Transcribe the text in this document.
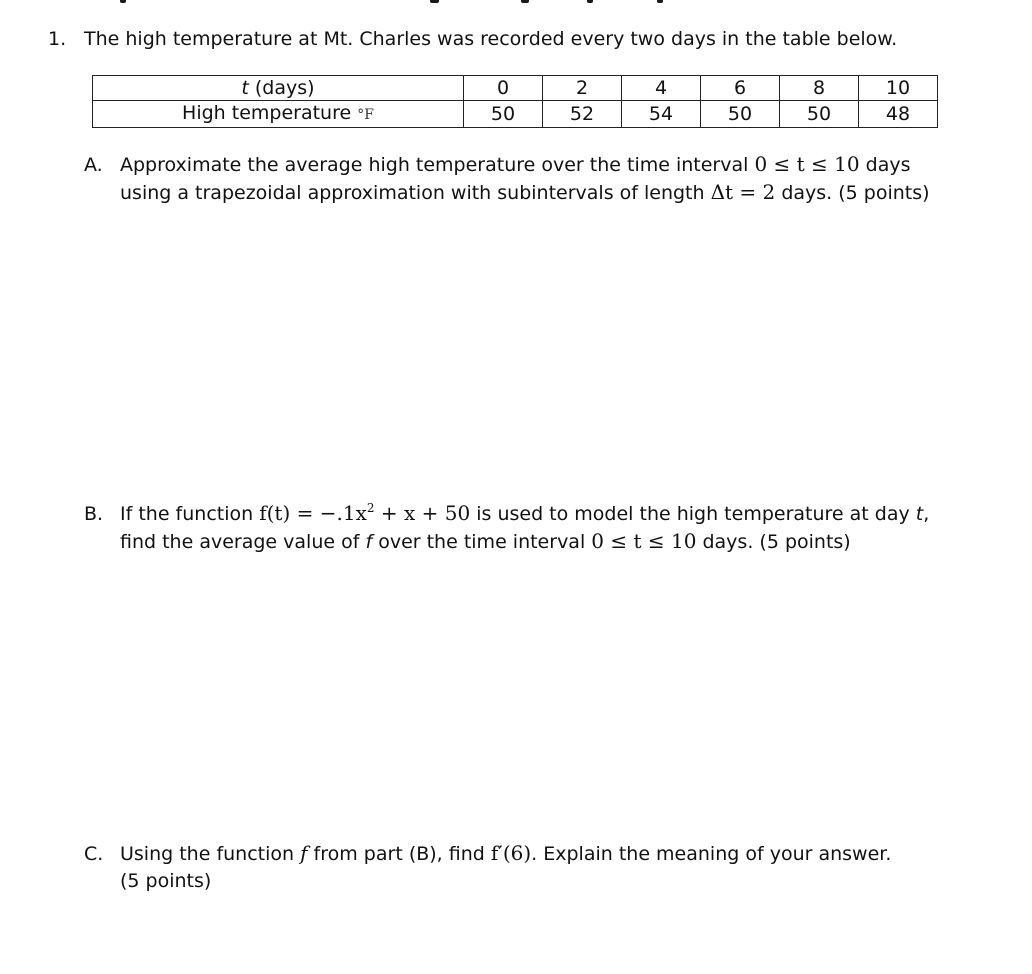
1. The high temperature at Mt. Charles was recorded every two days in the table below.
t (days)	0	2	4	6	8	10
High temperature °F	50	52	54	50	50	48
A. Approximate the average high temperature over the time interval 0 ≤ t ≤ 10 days
using a trapezoidal approximation with subintervals of length Δt = 2 days. (5 points)
B. If the function $f(t) = -.1x^2 + x + 50$ is used to model the high temperature at day t,
find the average value of f over the time interval 0 ≤ t ≤ 10 days. (5 points)
C. Using the function f from part (B), find f′(6). Explain the meaning of your answer.
(5 points)
